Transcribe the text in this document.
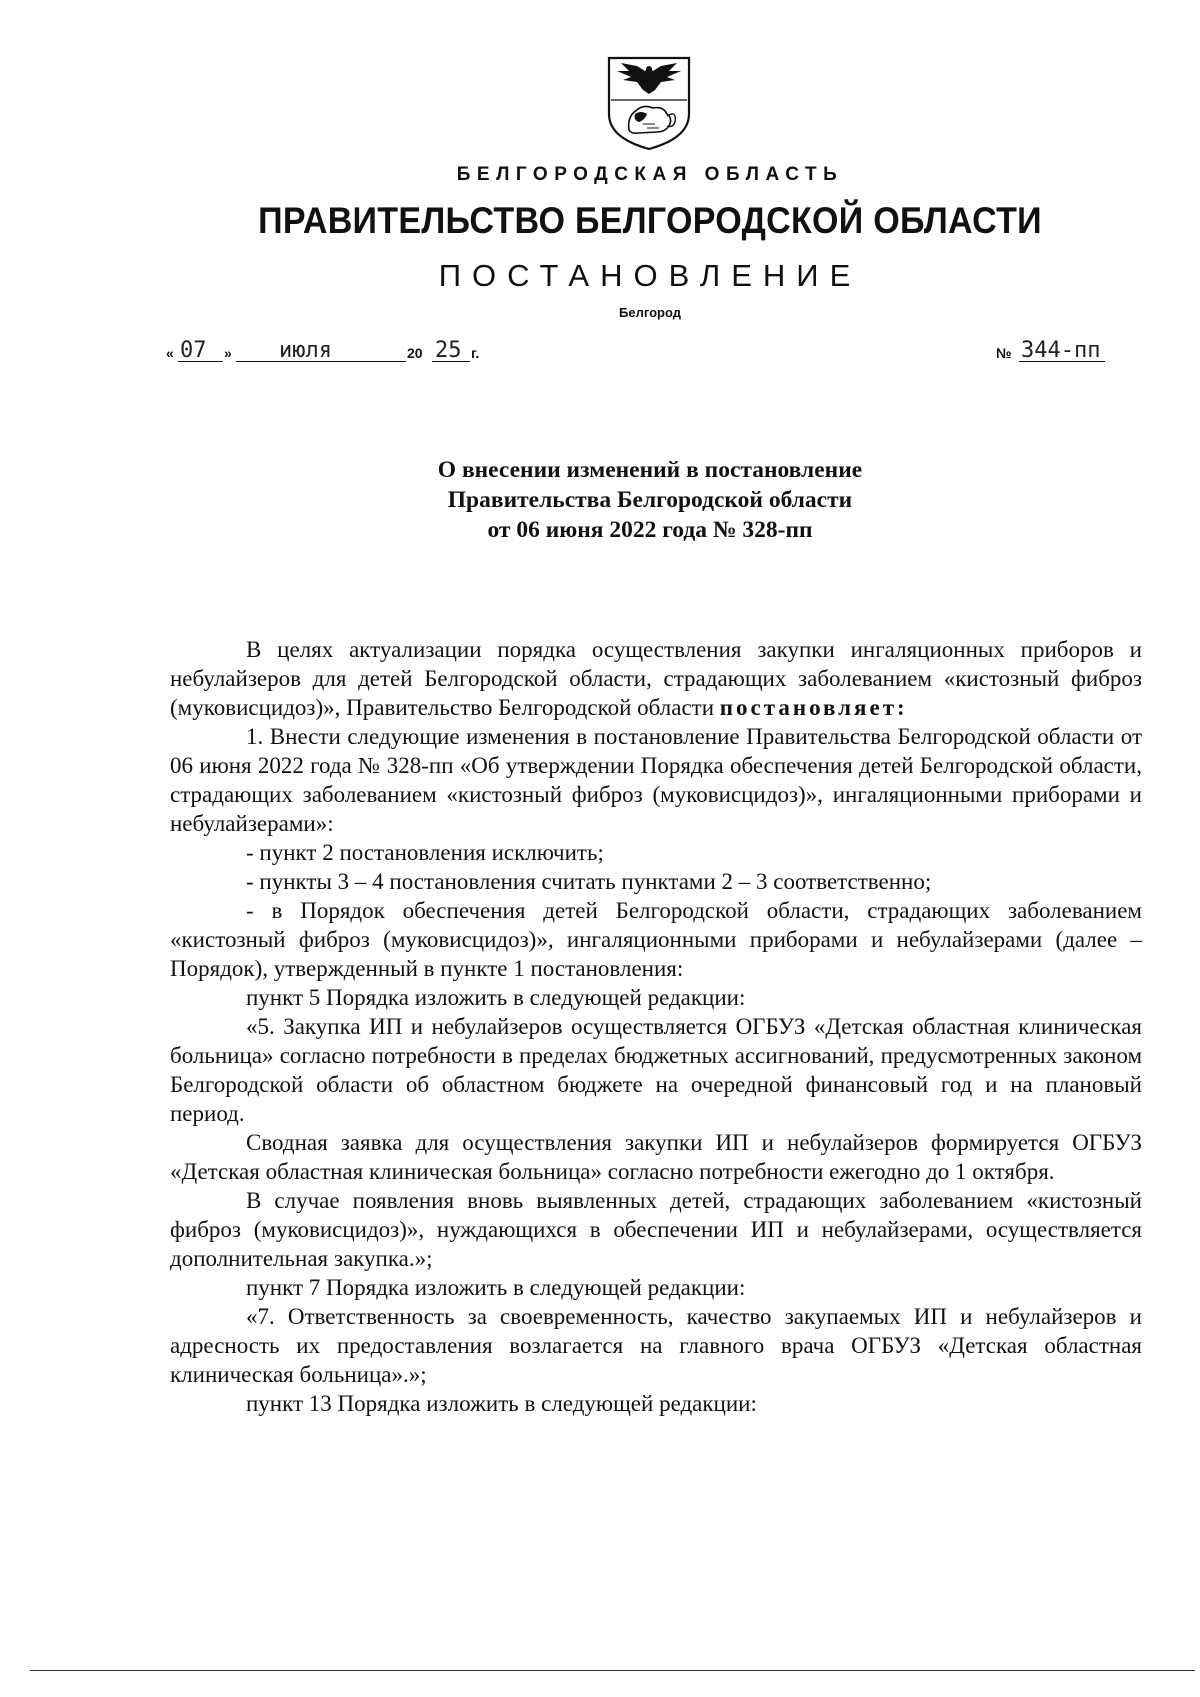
БЕЛГОРОДСКАЯ ОБЛАСТЬ
ПРАВИТЕЛЬСТВО БЕЛГОРОДСКОЙ ОБЛАСТИ
ПОСТАНОВЛЕНИЕ
Белгород
« 07 » июля	20 25 г.	№ 344-пп
О внесении изменений в постановление
Правительства Белгородской области
от 06 июня 2022 года № 328-пп

В целях актуализации порядка осуществления закупки ингаляционных приборов и небулайзеров для детей Белгородской области, страдающих заболеванием «кистозный фиброз (муковисцидоз)», Правительство Белгородской области постановляет:

1. Внести следующие изменения в постановление Правительства Белгородской области от 06 июня 2022 года № 328-пп «Об утверждении Порядка обеспечения детей Белгородской области, страдающих заболеванием «кистозный фиброз (муковисцидоз)», ингаляционными приборами и небулайзерами»:

- пункт 2 постановления исключить;

- пункты 3 – 4 постановления считать пунктами 2 – 3 соответственно;

- в Порядок обеспечения детей Белгородской области, страдающих заболеванием «кистозный фиброз (муковисцидоз)», ингаляционными приборами и небулайзерами (далее – Порядок), утвержденный в пункте 1 постановления:

пункт 5 Порядка изложить в следующей редакции:

«5. Закупка ИП и небулайзеров осуществляется ОГБУЗ «Детская областная клиническая больница» согласно потребности в пределах бюджетных ассигнований, предусмотренных законом Белгородской области об областном бюджете на очередной финансовый год и на плановый период.

Сводная заявка для осуществления закупки ИП и небулайзеров формируется ОГБУЗ «Детская областная клиническая больница» согласно потребности ежегодно до 1 октября.

В случае появления вновь выявленных детей, страдающих заболеванием «кистозный фиброз (муковисцидоз)», нуждающихся в обеспечении ИП и небулайзерами, осуществляется дополнительная закупка.»;

пункт 7 Порядка изложить в следующей редакции:

«7. Ответственность за своевременность, качество закупаемых ИП и небулайзеров и адресность их предоставления возлагается на главного врача ОГБУЗ «Детская областная клиническая больница».»;

пункт 13 Порядка изложить в следующей редакции:
